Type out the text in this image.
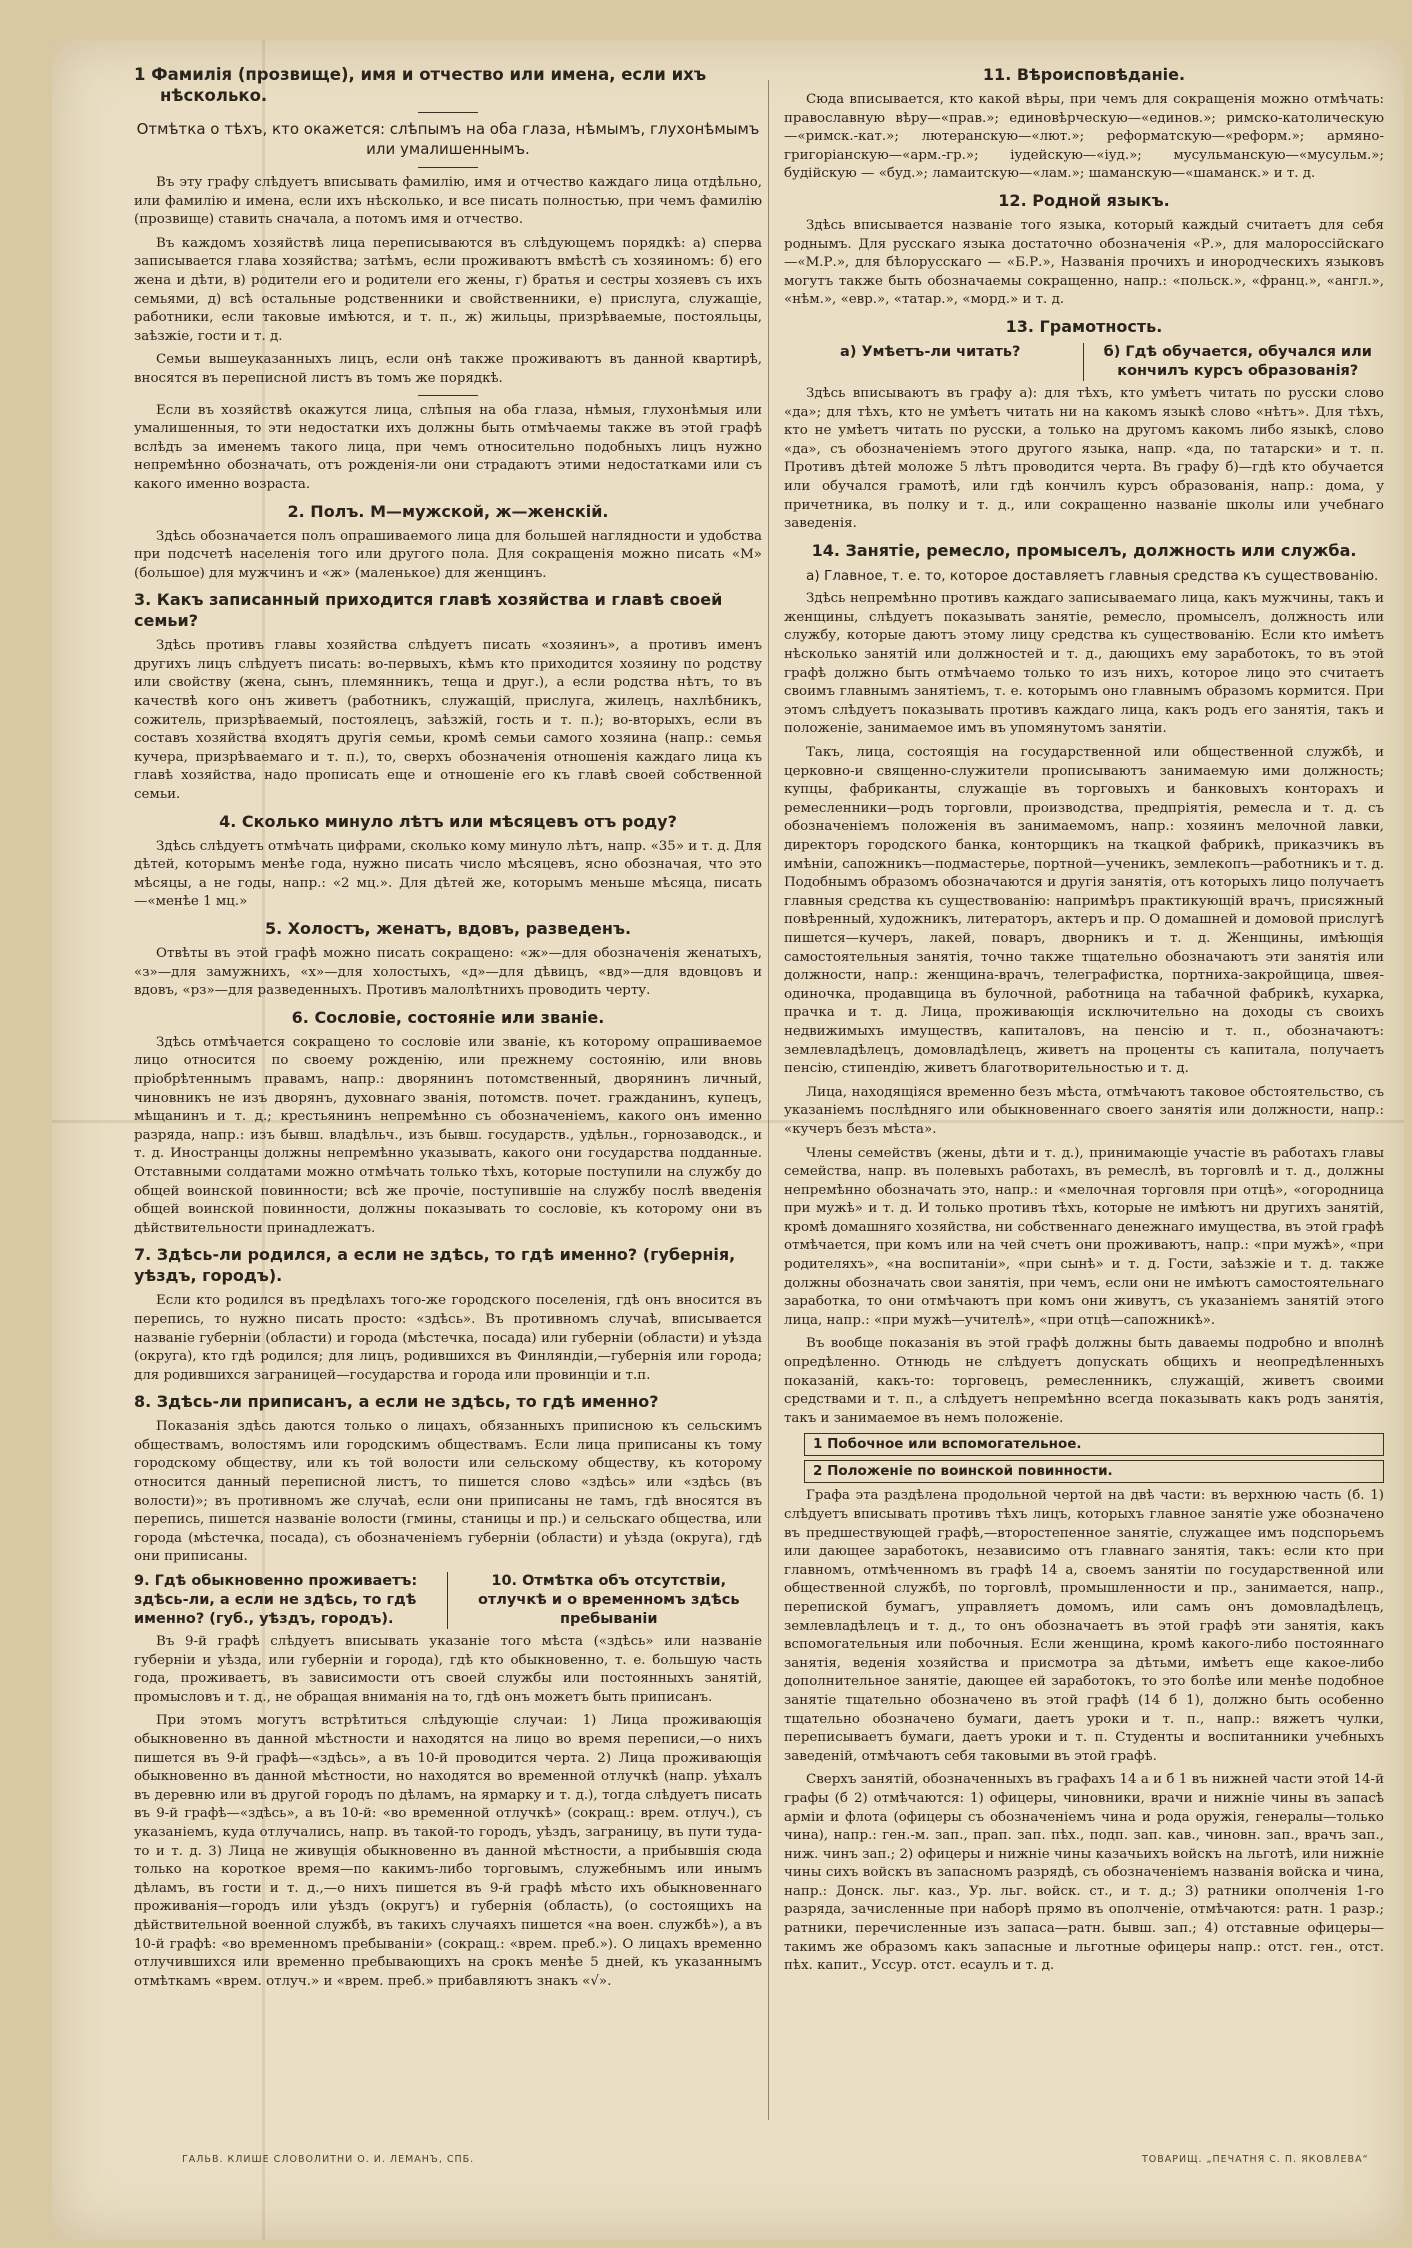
1 Фамилія (прозвище), имя и отчество или имена, если ихъ нѣсколько.
Отмѣтка о тѣхъ, кто окажется: слѣпымъ на оба глаза, нѣмымъ, глухонѣмымъ или умалишеннымъ.

Въ эту графу слѣдуетъ вписывать фамилію, имя и отчество каждаго лица отдѣльно, или фамилію и имена, если ихъ нѣсколько, и все писать полностью, при чемъ фамилію (прозвище) ставить сначала, а потомъ имя и отчество.

Въ каждомъ хозяйствѣ лица переписываются въ слѣдующемъ порядкѣ: а) сперва записывается глава хозяйства; затѣмъ, если проживаютъ вмѣстѣ съ хозяиномъ: б) его жена и дѣти, в) родители его и родители его жены, г) братья и сестры хозяевъ съ ихъ семьями, д) всѣ остальные родственники и свойственники, е) прислуга, служащіе, работники, если таковые имѣются, и т. п., ж) жильцы, призрѣваемые, постояльцы, заѣзжіе, гости и т. д.

Семьи вышеуказанныхъ лицъ, если онѣ также проживаютъ въ данной квартирѣ, вносятся въ переписной листъ въ томъ же порядкѣ.

Если въ хозяйствѣ окажутся лица, слѣпыя на оба глаза, нѣмыя, глухонѣмыя или умалишенныя, то эти недостатки ихъ должны быть отмѣчаемы также въ этой графѣ вслѣдъ за именемъ такого лица, при чемъ относительно подобныхъ лицъ нужно непремѣнно обозначать, отъ рожденія-ли они страдаютъ этими недостатками или съ какого именно возраста.

2. Полъ. М—мужской, ж—женскій.

Здѣсь обозначается полъ опрашиваемого лица для большей наглядности и удобства при подсчетѣ населенія того или другого пола. Для сокращенія можно писать «М» (большое) для мужчинъ и «ж» (маленькое) для женщинъ.

3. Какъ записанный приходится главѣ хозяйства и главѣ своей семьи?

Здѣсь противъ главы хозяйства слѣдуетъ писать «хозяинъ», а противъ именъ другихъ лицъ слѣдуетъ писать: во-первыхъ, кѣмъ кто приходится хозяину по родству или свойству (жена, сынъ, племянникъ, теща и друг.), а если родства нѣтъ, то въ качествѣ кого онъ живетъ (работникъ, служащій, прислуга, жилецъ, нахлѣбникъ, сожитель, призрѣваемый, постоялецъ, заѣзжій, гость и т. п.); во-вторыхъ, если въ составъ хозяйства входятъ другія семьи, кромѣ семьи самого хозяина (напр.: семья кучера, призрѣваемаго и т. п.), то, сверхъ обозначенія отношенія каждаго лица къ главѣ хозяйства, надо прописать еще и отношеніе его къ главѣ своей собственной семьи.

4. Сколько минуло лѣтъ или мѣсяцевъ отъ роду?

Здѣсь слѣдуетъ отмѣчать цифрами, сколько кому минуло лѣтъ, напр. «35» и т. д. Для дѣтей, которымъ менѣе года, нужно писать число мѣсяцевъ, ясно обозначая, что это мѣсяцы, а не годы, напр.: «2 мц.». Для дѣтей же, которымъ меньше мѣсяца, писать—«менѣе 1 мц.»

5. Холостъ, женатъ, вдовъ, разведенъ.

Отвѣты въ этой графѣ можно писать сокращено: «ж»—для обозначенія женатыхъ, «з»—для замужнихъ, «х»—для холостыхъ, «д»—для дѣвицъ, «вд»—для вдовцовъ и вдовъ, «рз»—для разведенныхъ. Противъ малолѣтнихъ проводить черту.

6. Сословіе, состояніе или званіе.

Здѣсь отмѣчается сокращено то сословіе или званіе, къ которому опрашиваемое лицо относится по своему рожденію, или прежнему состоянію, или вновь пріобрѣтеннымъ правамъ, напр.: дворянинъ потомственный, дворянинъ личный, чиновникъ не изъ дворянъ, духовнаго званія, потомств. почет. гражданинъ, купецъ, мѣщанинъ и т. д.; крестьянинъ непремѣнно съ обозначеніемъ, какого онъ именно разряда, напр.: изъ бывш. владѣльч., изъ бывш. государств., удѣльн., горнозаводск., и т. д. Иностранцы должны непремѣнно указывать, какого они государства подданные. Отставными солдатами можно отмѣчать только тѣхъ, которые поступили на службу до общей воинской повинности; всѣ же прочіе, поступившіе на службу послѣ введенія общей воинской повинности, должны показывать то сословіе, къ которому они въ дѣйствительности принадлежатъ.

7. Здѣсь-ли родился, а если не здѣсь, то гдѣ именно? (губернія, уѣздъ, городъ).

Если кто родился въ предѣлахъ того-же городского поселенія, гдѣ онъ вносится въ перепись, то нужно писать просто: «здѣсь». Въ противномъ случаѣ, вписывается названіе губерніи (области) и города (мѣстечка, посада) или губерніи (области) и уѣзда (округа), кто гдѣ родился; для лицъ, родившихся въ Финляндіи,—губернія или города; для родившихся заграницей—государства и города или провинціи и т.п.

8. Здѣсь-ли приписанъ, а если не здѣсь, то гдѣ именно?

Показанія здѣсь даются только о лицахъ, обязанныхъ приписною къ сельскимъ обществамъ, волостямъ или городскимъ обществамъ. Если лица приписаны къ тому городскому обществу, или къ той волости или сельскому обществу, къ которому относится данный переписной листъ, то пишется слово «здѣсь» или «здѣсь (въ волости)»; въ противномъ же случаѣ, если они приписаны не тамъ, гдѣ вносятся въ перепись, пишется названіе волости (гмины, станицы и пр.) и сельскаго общества, или города (мѣстечка, посада), съ обозначеніемъ губерніи (области) и уѣзда (округа), гдѣ они приписаны.

9. Гдѣ обыкновенно проживаетъ: здѣсь-ли, а если не здѣсь, то гдѣ именно? (губ., уѣздъ, городъ).
10. Отмѣтка объ отсутствіи, отлучкѣ и о временномъ здѣсь пребываніи

Въ 9-й графѣ слѣдуетъ вписывать указаніе того мѣста («здѣсь» или названіе губерніи и уѣзда, или губерніи и города), гдѣ кто обыкновенно, т. е. большую часть года, проживаетъ, въ зависимости отъ своей службы или постоянныхъ занятій, промысловъ и т. д., не обращая вниманія на то, гдѣ онъ можетъ быть приписанъ.

При этомъ могутъ встрѣтиться слѣдующіе случаи: 1) Лица проживающія обыкновенно въ данной мѣстности и находятся на лицо во время переписи,—о нихъ пишется въ 9-й графѣ—«здѣсь», а въ 10-й проводится черта. 2) Лица проживающія обыкновенно въ данной мѣстности, но находятся во временной отлучкѣ (напр. уѣхалъ въ деревню или въ другой городъ по дѣламъ, на ярмарку и т. д.), тогда слѣдуетъ писать въ 9-й графѣ—«здѣсь», а въ 10-й: «во временной отлучкѣ» (сокращ.: врем. отлуч.), съ указаніемъ, куда отлучались, напр. въ такой-то городъ, уѣздъ, заграницу, въ пути туда-то и т. д. 3) Лица не живущія обыкновенно въ данной мѣстности, а прибывшія сюда только на короткое время—по какимъ-либо торговымъ, служебнымъ или инымъ дѣламъ, въ гости и т. д.,—о нихъ пишется въ 9-й графѣ мѣсто ихъ обыкновеннаго проживанія—городъ или уѣздъ (округъ) и губернія (область), (о состоящихъ на дѣйствительной военной службѣ, въ такихъ случаяхъ пишется «на воен. службѣ»), а въ 10-й графѣ: «во временномъ пребываніи» (сокращ.: «врем. преб.»). О лицахъ временно отлучившихся или временно пребывающихъ на срокъ менѣе 5 дней, къ указаннымъ отмѣткамъ «врем. отлуч.» и «врем. преб.» прибавляютъ знакъ «√».

11. Вѣроисповѣданіе.

Сюда вписывается, кто какой вѣры, при чемъ для сокращенія можно отмѣчать: православную вѣру—«прав.»; единовѣрческую—«единов.»; римско-католическую—«римск.-кат.»; лютеранскую—«лют.»; реформатскую—«реформ.»; армяно-григоріанскую—«арм.-гр.»; іудейскую—«іуд.»; мусульманскую—«мусульм.»; будійскую — «буд.»; ламаитскую—«лам.»; шаманскую—«шаманск.» и т. д.

12. Родной языкъ.

Здѣсь вписывается названіе того языка, который каждый считаетъ для себя роднымъ. Для русскаго языка достаточно обозначенія «Р.», для малороссійскаго—«М.Р.», для бѣлорусскаго — «Б.Р.», Названія прочихъ и инородческихъ языковъ могутъ также быть обозначаемы сокращенно, напр.: «польск.», «франц.», «англ.», «нѣм.», «евр.», «татар.», «морд.» и т. д.

13. Грамотность.
а) Умѣетъ-ли читать?	б) Гдѣ обучается, обучался или кончилъ курсъ образованія?

Здѣсь вписываютъ въ графу а): для тѣхъ, кто умѣетъ читать по русски слово «да»; для тѣхъ, кто не умѣетъ читать ни на какомъ языкѣ слово «нѣтъ». Для тѣхъ, кто не умѣетъ читать по русски, а только на другомъ какомъ либо языкѣ, слово «да», съ обозначеніемъ этого другого языка, напр. «да, по татарски» и т. п. Противъ дѣтей моложе 5 лѣтъ проводится черта. Въ графу б)—гдѣ кто обучается или обучался грамотѣ, или гдѣ кончилъ курсъ образованія, напр.: дома, у причетника, въ полку и т. д., или сокращенно названіе школы или учебнаго заведенія.

14. Занятіе, ремесло, промыселъ, должность или служба.

а) Главное, т. е. то, которое доставляетъ главныя средства къ существованію.

Здѣсь непремѣнно противъ каждаго записываемаго лица, какъ мужчины, такъ и женщины, слѣдуетъ показывать занятіе, ремесло, промыселъ, должность или службу, которые даютъ этому лицу средства къ существованію. Если кто имѣетъ нѣсколько занятій или должностей и т. д., дающихъ ему заработокъ, то въ этой графѣ должно быть отмѣчаемо только то изъ нихъ, которое лицо это считаетъ своимъ главнымъ занятіемъ, т. е. которымъ оно главнымъ образомъ кормится. При этомъ слѣдуетъ показывать противъ каждаго лица, какъ родъ его занятія, такъ и положеніе, занимаемое имъ въ упомянутомъ занятіи.

Такъ, лица, состоящія на государственной или общественной службѣ, и церковно-и священно-служители прописываютъ занимаемую ими должность; купцы, фабриканты, служащіе въ торговыхъ и банковыхъ конторахъ и ремесленники—родъ торговли, производства, предпріятія, ремесла и т. д. съ обозначеніемъ положенія въ занимаемомъ, напр.: хозяинъ мелочной лавки, директоръ городского банка, конторщикъ на ткацкой фабрикѣ, приказчикъ въ имѣніи, сапожникъ—подмастерье, портной—ученикъ, землекопъ—работникъ и т. д. Подобнымъ образомъ обозначаются и другія занятія, отъ которыхъ лицо получаетъ главныя средства къ существованію: напримѣръ практикующій врачъ, присяжный повѣренный, художникъ, литераторъ, актеръ и пр. О домашней и домовой прислугѣ пишется—кучеръ, лакей, поваръ, дворникъ и т. д. Женщины, имѣющія самостоятельныя занятія, точно также тщательно обозначаютъ эти занятія или должности, напр.: женщина-врачъ, телеграфистка, портниха-закройщица, швея-одиночка, продавщица въ булочной, работница на табачной фабрикѣ, кухарка, прачка и т. д. Лица, проживающія исключительно на доходы съ своихъ недвижимыхъ имуществъ, капиталовъ, на пенсію и т. п., обозначаютъ: землевладѣлецъ, домовладѣлецъ, живетъ на проценты съ капитала, получаетъ пенсію, стипендію, живетъ благотворительностью и т. д.

Лица, находящіяся временно безъ мѣста, отмѣчаютъ таковое обстоятельство, съ указаніемъ послѣдняго или обыкновеннаго своего занятія или должности, напр.: «кучеръ безъ мѣста».

Члены семействъ (жены, дѣти и т. д.), принимающіе участіе въ работахъ главы семейства, напр. въ полевыхъ работахъ, въ ремеслѣ, въ торговлѣ и т. д., должны непремѣнно обозначать это, напр.: и «мелочная торговля при отцѣ», «огородница при мужѣ» и т. д. И только противъ тѣхъ, которые не имѣютъ ни другихъ занятій, кромѣ домашняго хозяйства, ни собственнаго денежнаго имущества, въ этой графѣ отмѣчается, при комъ или на чей счетъ они проживаютъ, напр.: «при мужѣ», «при родителяхъ», «на воспитаніи», «при сынѣ» и т. д. Гости, заѣзжіе и т. д. также должны обозначать свои занятія, при чемъ, если они не имѣютъ самостоятельнаго заработка, то они отмѣчаютъ при комъ они живутъ, съ указаніемъ занятій этого лица, напр.: «при мужѣ—учителѣ», «при отцѣ—сапожникѣ».

Въ вообще показанія въ этой графѣ должны быть даваемы подробно и вполнѣ опредѣленно. Отнюдь не слѣдуетъ допускать общихъ и неопредѣленныхъ показаній, какъ-то: торговецъ, ремесленникъ, служащій, живетъ своими средствами и т. п., а слѣдуетъ непремѣнно всегда показывать какъ родъ занятія, такъ и занимаемое въ немъ положеніе.

1 Побочное или вспомогательное.
2 Положеніе по воинской повинности.

Графа эта раздѣлена продольной чертой на двѣ части: въ верхнюю часть (б. 1) слѣдуетъ вписывать противъ тѣхъ лицъ, которыхъ главное занятіе уже обозначено въ предшествующей графѣ,—второстепенное занятіе, служащее имъ подспорьемъ или дающее заработокъ, независимо отъ главнаго занятія, такъ: если кто при главномъ, отмѣченномъ въ графѣ 14 а, своемъ занятіи по государственной или общественной службѣ, по торговлѣ, промышленности и пр., занимается, напр., перепиской бумагъ, управляетъ домомъ, или самъ онъ домовладѣлецъ, землевладѣлецъ и т. д., то онъ обозначаетъ въ этой графѣ эти занятія, какъ вспомогательныя или побочныя. Если женщина, кромѣ какого-либо постояннаго занятія, веденія хозяйства и присмотра за дѣтьми, имѣетъ еще какое-либо дополнительное занятіе, дающее ей заработокъ, то это болѣе или менѣе подобное занятіе тщательно обозначено въ этой графѣ (14 б 1), должно быть особенно тщательно обозначено бумаги, даетъ уроки и т. п., напр.: вяжетъ чулки, переписываетъ бумаги, даетъ уроки и т. п. Студенты и воспитанники учебныхъ заведеній, отмѣчаютъ себя таковыми въ этой графѣ.

Сверхъ занятій, обозначенныхъ въ графахъ 14 а и б 1 въ нижней части этой 14-й графы (б 2) отмѣчаются: 1) офицеры, чиновники, врачи и нижніе чины въ запасѣ арміи и флота (офицеры съ обозначеніемъ чина и рода оружія, генералы—только чина), напр.: ген.-м. зап., прап. зап. пѣх., подп. зап. кав., чиновн. зап., врачъ зап., ниж. чинъ зап.; 2) офицеры и нижніе чины казачьихъ войскъ на льготѣ, или нижніе чины сихъ войскъ въ запасномъ разрядѣ, съ обозначеніемъ названія войска и чина, напр.: Донск. льг. каз., Ур. льг. войск. ст., и т. д.; 3) ратники ополченія 1-го разряда, зачисленные при наборѣ прямо въ ополченіе, отмѣчаются: ратн. 1 разр.; ратники, перечисленные изъ запаса—ратн. бывш. зап.; 4) отставные офицеры—такимъ же образомъ какъ запасные и льготные офицеры напр.: отст. ген., отст. пѣх. капит., Уссур. отст. есаулъ и т. д.

ГАЛЬВ. КЛИШЕ СЛОВОЛИТНИ О. И. ЛЕМАНЪ, СПБ.	ТОВАРИЩ. „ПЕЧАТНЯ С. П. ЯКОВЛЕВА“
